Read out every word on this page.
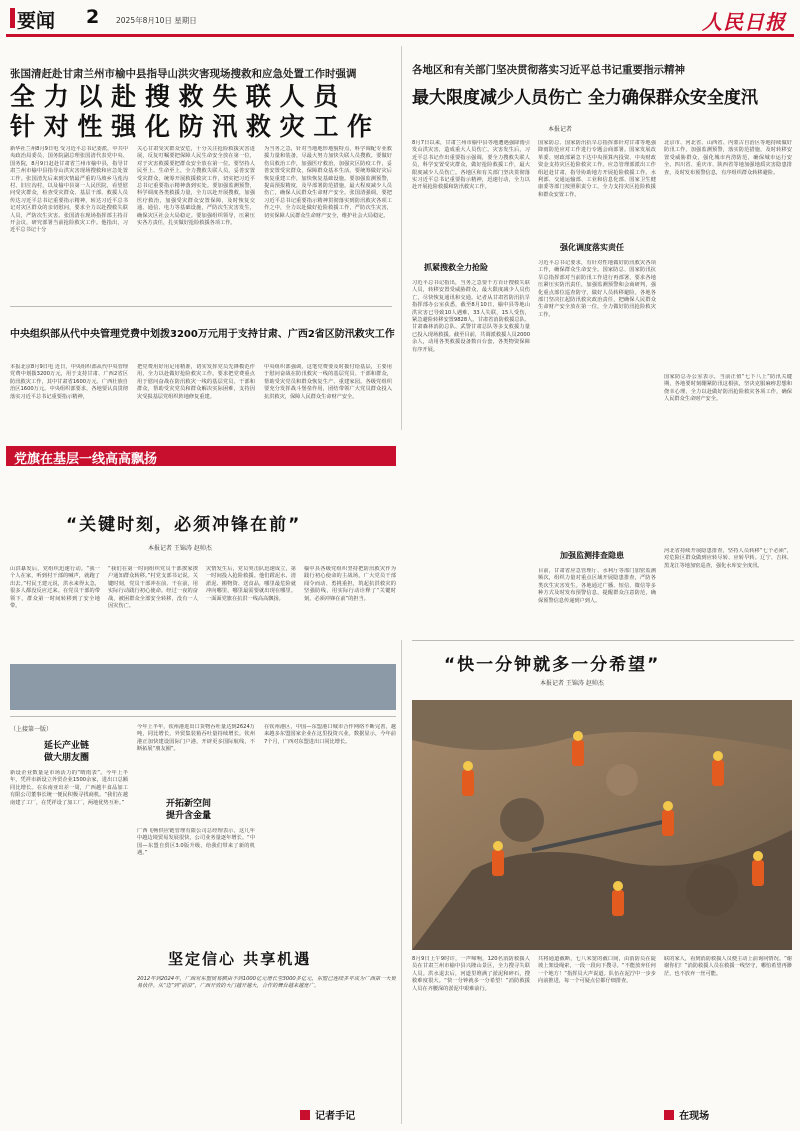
要闻 2 2025年8月10日 星期日	人民日报
张国清赶赴甘肃兰州市榆中县指导山洪灾害现场搜救和应急处置工作时强调
全 力 以 赴 搜 救 失 联 人 员
针 对 性 强 化 防 汛 救 灾 工 作
新华社兰州8月9日电 受习近平总书记委派，中共中央政治局委员、国务院副总理张国清代表党中央、国务院，8月9日赶赴甘肃省兰州市榆中县，指导甘肃兰州市榆中县指导山洪灾害现场搜救和应急处置工作。张国清先后来到灾情最严重的马坡乡马莲沟村、旧庄沟村，以及榆中县第一人民医院，看望慰问受灾群众，检查受灾群众、基层干部、救援人员传达习近平总书记重要指示精神，转达习近平总书记对灾区群众的亲切慰问，要求全力以赴搜救失联人员，严防次生灾害。张国清在现场指挥部主持召开会议，研究部署当前抢险救灾工作。他指出，习近平总书记十分
关心甘肃受灾群众安危，十分关注抢险救援灾害进展，反复叮嘱要把保障人民生命安全放在第一位，对于灾害救援要把群众安全放在第一位。要坚持人民至上、生命至上，全力搜救失联人员，妥善安置受灾群众，统筹开展救援救灾工作，切实把习近平总书记重要指示精神落到实处。要加强监测预警，科学调度各类救援力量，全力以赴开展搜救，加强医疗救治，加强受灾群众安置保障，及时恢复交通、通信、电力等基础设施，严防次生灾害发生，确保灾区社会大局稳定。要加强组织领导，压紧压实各方责任，扎实做好抢险救援各项工作。
为当务之急，针对当地地形地貌特点，科学调配专业救援力量和装备，尽最大努力加快失联人员搜救。要做好伤员救治工作，加强医疗救治，加强灾区防疫工作，妥善安置受灾群众，保障群众基本生活。要统筹做好灾后恢复重建工作，加快恢复基础设施。要加强监测预警，提高预报精度，及早部署防范措施，最大程度减少人员伤亡，确保人民群众生命财产安全。张国清强调，要把习近平总书记重要指示精神贯彻落实到防汛救灾各项工作之中，全力以赴做好抢险救援工作，严防次生灾害，切实保障人民群众生命财产安全，维护社会大局稳定。
中央组织部从代中央管理党费中划拨3200万元用于支持甘肃、广西2省区防汛救灾工作
本报北京8月9日电 近日，中央组织部从代中央管理党费中划拨3200万元，用于支持甘肃、广西2省区防汛救灾工作，其中甘肃省1600万元、广西壮族自治区1600万元。中央组织部要求，各地要认真贯彻落实习近平总书记重要指示精神，
把党费用好用足用精准，切实发挥党员先锋模范作用，全力以赴做好抢险救灾工作。要求把党费重点用于慰问奋战在防汛救灾一线的基层党员、干部和群众，帮助受灾党员和群众解决实际困难，支持因灾受损基层党组织阵地修复重建。
中央组织部强调，这笔党费要及时拨付给基层，主要用于慰问奋战在防汛救灾一线的基层党员、干部和群众，帮助受灾党员和群众恢复生产、重建家园。各级党组织要充分发挥战斗堡垒作用，团结带领广大党员群众投入抗洪救灾，保障人民群众生命财产安全。
各地区和有关部门坚决贯彻落实习近平总书记重要指示精神
最大限度减少人员伤亡 全力确保群众安全度汛
本报记者
8月7日以来，甘肃兰州市榆中县等地遭遇强降雨引发山洪灾害，造成重大人员伤亡。灾害发生后，习近平总书记作出重要指示强调，要全力搜救失联人员，科学安置受灾群众，做好抢险救援工作，最大限度减少人员伤亡。各地区和有关部门坚决贯彻落实习近平总书记重要指示精神，迅速行动，全力以赴开展抢险救援和防汛救灾工作。
抓紧搜救全力抢险
习近平总书记指出，当务之急要千方百计搜救失联人员，转移安置受威胁群众，最大限度减少人员伤亡，尽快恢复通讯和交通。记者从甘肃省防汛抗旱指挥部办公室获悉，截至8月10日，榆中县等地山洪灾害已导致10人遇难，33人失联，15人受伤，紧急避险转移安置9828人。甘肃省消防救援总队、甘肃森林消防总队、武警甘肃总队等多支救援力量已投入现场救援。截至目前，共调派救援人员2000余人，动用各类救援设备数百台套，各类物资保障有序开展。
国家防总、国家防汛抗旱总指挥部针对甘肃等地强降雨防范应对工作进行专题会商部署。国家发展改革委、财政部紧急下达中央预算内投资、中央财政资金支持灾区抢险救灾工作。应急管理部派出工作组赶赴甘肃，指导协助地方开展抢险救援工作。水利部、交通运输部、工业和信息化部、国家卫生健康委等部门按照职责分工，全力支持灾区抢险救援和群众安置工作。
强化调度落实责任
习近平总书记要求，有针对性地做好防汛救灾各项工作，确保群众生命安全。国家防总、国家防汛抗旱总指挥部对当前防汛工作进行再部署，要求各地压紧压实防汛责任，加强监测预警和会商研判，强化重点部位巡查防守，做好人员转移避险。各地各部门坚决扛起防汛救灾政治责任，把确保人民群众生命财产安全放在第一位，全力做好防汛抢险救灾工作。
加强监测排查隐患
目前，甘肃省应急管理厅、水利厅等部门加密监测频次，组织力量对重点区域开展隐患排查，严防各类次生灾害发生。各地通过广播、短信、微信等多种方式及时发布预警信息，提醒群众注意防范，确保预警信息传递到户到人。
北京市、河北省、山西省、内蒙古自治区等地持续做好防汛工作，加强监测预警，落实防范措施，及时转移安置受威胁群众，强化城市内涝防范，确保城市运行安全。四川省、重庆市、陕西省等地加强地质灾害隐患排查，及时发布预警信息，有序组织群众转移避险。
国家防总办公室表示，当前正值“七下八上”防汛关键期，各地要时刻绷紧防汛这根弦，坚决克服麻痹思想和侥幸心理，全力以赴做好防汛抢险救灾各项工作，确保人民群众生命财产安全。
河北省持续开展隐患排查，坚持人员转移“七个必须”，对危险区群众做到应转尽转、应转早转。辽宁、吉林、黑龙江等地加密巡查，强化水库安全度汛。
党旗在基层一线高高飘扬
“关键时刻，必须冲锋在前”
本报记者 王锦涛 赵帅杰
山洪暴发后，党组织迅速行动。“我一个人在家，听到村干部的喊声，就跑了出去。”村民王建元说，洪水来得太急，很多人都没反应过来。在党员干部的带领下，群众第一时间转移到了安全地带。
“我们在第一时间组织党员干部挨家挨户通知群众转移。”村党支部书记说。关键时刻，党员干部冲在前、干在前，用实际行动践行初心使命。经过一夜的奋战，被困群众全部安全转移，没有一人因灾伤亡。
灾情发生后，党员突击队迅速成立，第一时间投入抢险救援。他们蹚泥水、清淤泥、搬物资、送食品，哪里最危险就冲向哪里，哪里最需要就出现在哪里。一面面党旗在抗洪一线高高飘扬。
榆中县各级党组织坚持把防汛救灾作为践行初心使命的主战场，广大党员干部闻令而动、勇挑重担，筑起抗洪救灾的坚强防线，用实际行动诠释了“关键时刻，必须冲锋在前”的担当。
“快一分钟就多一分希望”
本报记者 王锦涛 赵帅杰
8月9日上午9时许，一声啼响，120名消防救援人员在甘肃兰州市榆中县兴隆山景区，全力搜寻失联人员。洪水退去后，河道里堆满了淤泥和碎石，搜救难度很大。“快一分钟就多一分希望！”消防救援人员在齐腰深的淤泥中艰难前行。
共将通道截断，七八米宽的截口间，由消防员在陡坡上架设绳索，一段一段向下搜寻。“不能放弃任何一个地方！”指挥员大声说道。队伍在泥泞中一步步向前推进，每一个可疑点位都仔细排查。
联的家人，看到消防救援人员便主动上前询问情况。“谢谢你们！”消防救援人员在救援一线坚守，哪怕希望再渺茫，也不放弃一丝可能。
在现场
（上接第一版）
延长产业链
做大朋友圈
新设企业数量是市场活力的“晴雨表”。今年上半年，凭祥市新设立外贸企业1500余家，进出口总额同比增长。在东南亚出差一周，广西越丰食品加工有限公司董事长统一便民积极寻找商机。“我们在越南建了工厂，在凭祥设了加工厂，两地优势互补。”
今年上半年，钦州港进出口货物吞吐量达到2624万吨，同比增长，外贸集装箱吞吐量持续增长。钦州港正加快建设国际门户港，开辟更多国际航线，不断拓展“朋友圈”。
开拓新空间
提升含金量
广西飞畅供应链管理有限公司总经理表示，这几年中越边境贸易发展很快，公司业务量逐年增长。“中国—东盟自贸区3.0版升级，给我们带来了新的机遇。”
在钦州港区，中国—东盟港口城市合作网络不断完善，越来越多东盟国家企业在这里投资兴业。数据显示，今年前7个月，广西对东盟进出口同比增长。
坚定信心 共享机遇
2012年到2024年，广西对东盟贸易额由不到1000亿元增长至3000多亿元，东盟已连续多年成为广西第一大贸易伙伴。从“边”到“前沿”，广西开放的大门越开越大，合作的舞台越来越宽广。
记者手记
